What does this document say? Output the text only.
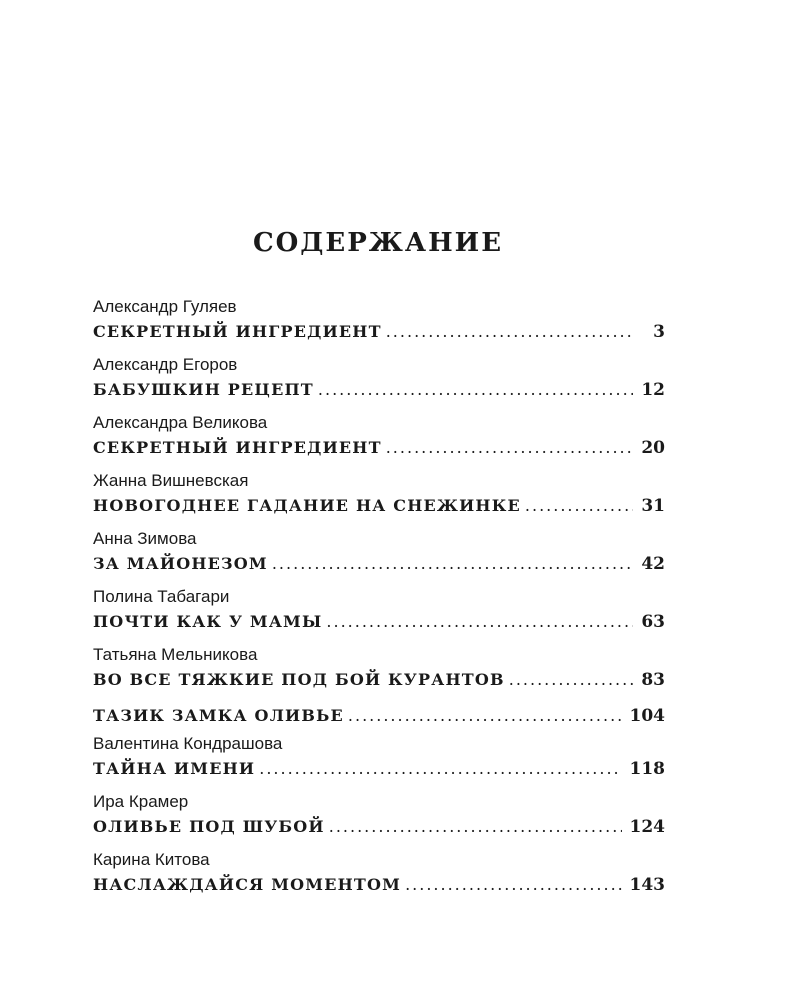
СОДЕРЖАНИЕ
Александр Гуляев
СЕКРЕТНЫЙ ИНГРЕДИЕНТ .....	3
Александр Егоров
БАБУШКИН РЕЦЕПТ .....	12
Александра Великова
СЕКРЕТНЫЙ ИНГРЕДИЕНТ .....	20
Жанна Вишневская
НОВОГОДНЕЕ ГАДАНИЕ НА СНЕЖИНКЕ .....	31
Анна Зимова
ЗА МАЙОНЕЗОМ .....	42
Полина Табагари
ПОЧТИ КАК У МАМЫ .....	63
Татьяна Мельникова
ВО ВСЕ ТЯЖКИЕ ПОД БОЙ КУРАНТОВ .....	83
ТАЗИК ЗАМКА ОЛИВЬЕ .....	104
Валентина Кондрашова
ТАЙНА ИМЕНИ .....	118
Ира Крамер
ОЛИВЬЕ ПОД ШУБОЙ .....	124
Карина Китова
НАСЛАЖДАЙСЯ МОМЕНТОМ .....	143
